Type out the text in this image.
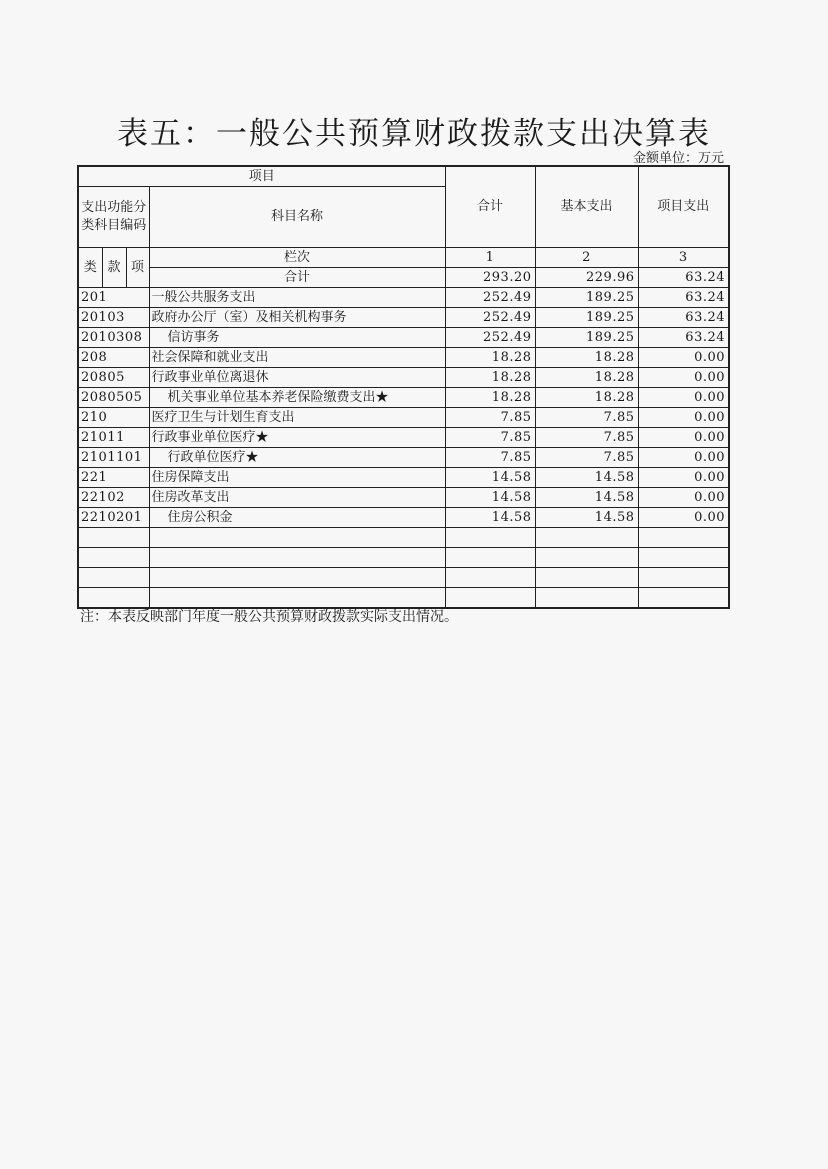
表五：一般公共预算财政拨款支出决算表
金额单位：万元
项目				合计	基本支出	项目支出
支出功能分类科目编码			科目名称			
类	款	项	栏次	1	2	3
			合计	293.20	229.96	63.24
201			一般公共服务支出	252.49	189.25	63.24
20103			政府办公厅（室）及相关机构事务	252.49	189.25	63.24
2010308			信访事务	252.49	189.25	63.24
208			社会保障和就业支出	18.28	18.28	0.00
20805			行政事业单位离退休	18.28	18.28	0.00
2080505			机关事业单位基本养老保险缴费支出★	18.28	18.28	0.00
210			医疗卫生与计划生育支出	7.85	7.85	0.00
21011			行政事业单位医疗★	7.85	7.85	0.00
2101101			行政单位医疗★	7.85	7.85	0.00
221			住房保障支出	14.58	14.58	0.00
22102			住房改革支出	14.58	14.58	0.00
2210201			住房公积金	14.58	14.58	0.00

注：本表反映部门年度一般公共预算财政拨款实际支出情况。
